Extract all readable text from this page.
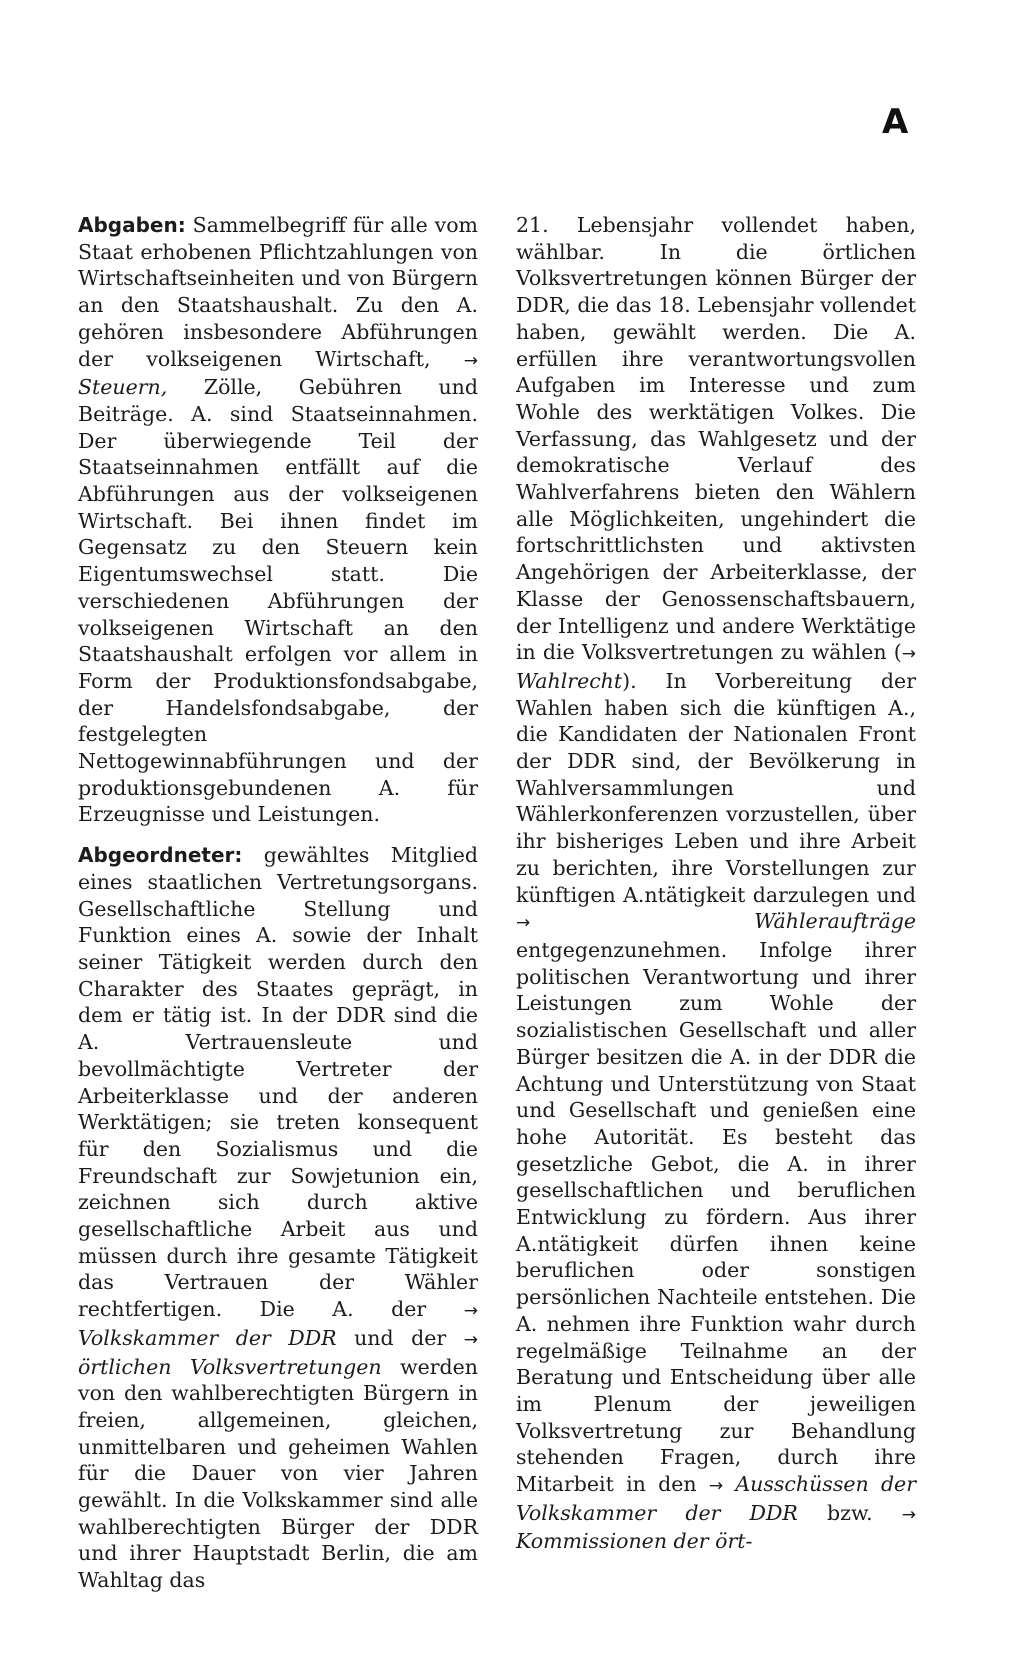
A

Abgaben: Sammelbegriff für alle vom Staat erhobenen Pflichtzahlungen von Wirtschaftseinheiten und von Bürgern an den Staatshaushalt. Zu den A. gehören insbesondere Abführungen der volkseigenen Wirtschaft, → Steuern, Zölle, Gebühren und Beiträge. A. sind Staatseinnahmen. Der überwiegende Teil der Staatseinnahmen entfällt auf die Abführungen aus der volkseigenen Wirtschaft. Bei ihnen findet im Gegensatz zu den Steuern kein Eigentumswechsel statt. Die verschiedenen Abführungen der volkseigenen Wirtschaft an den Staatshaushalt erfolgen vor allem in Form der Produktionsfondsabgabe, der Handelsfondsabgabe, der festgelegten Nettogewinnabführungen und der produktionsgebundenen A. für Erzeugnisse und Leistungen.

Abgeordneter: gewähltes Mitglied eines staatlichen Vertretungsorgans. Gesellschaftliche Stellung und Funktion eines A. sowie der Inhalt seiner Tätigkeit werden durch den Charakter des Staates geprägt, in dem er tätig ist. In der DDR sind die A. Vertrauensleute und bevollmächtigte Vertreter der Arbeiterklasse und der anderen Werktätigen; sie treten konsequent für den Sozialismus und die Freundschaft zur Sowjetunion ein, zeichnen sich durch aktive gesellschaftliche Arbeit aus und müssen durch ihre gesamte Tätigkeit das Vertrauen der Wähler rechtfertigen. Die A. der → Volkskammer der DDR und der → örtlichen Volksvertretungen werden von den wahlberechtigten Bürgern in freien, allgemeinen, gleichen, unmittelbaren und geheimen Wahlen für die Dauer von vier Jahren gewählt. In die Volkskammer sind alle wahlberechtigten Bürger der DDR und ihrer Hauptstadt Berlin, die am Wahltag das

21. Lebensjahr vollendet haben, wählbar. In die örtlichen Volksvertretungen können Bürger der DDR, die das 18. Lebensjahr vollendet haben, gewählt werden. Die A. erfüllen ihre verantwortungsvollen Aufgaben im Interesse und zum Wohle des werktätigen Volkes. Die Verfassung, das Wahlgesetz und der demokratische Verlauf des Wahlverfahrens bieten den Wählern alle Möglichkeiten, ungehindert die fortschrittlichsten und aktivsten Angehörigen der Arbeiterklasse, der Klasse der Genossenschaftsbauern, der Intelligenz und andere Werktätige in die Volksvertretungen zu wählen (→ Wahlrecht). In Vorbereitung der Wahlen haben sich die künftigen A., die Kandidaten der Nationalen Front der DDR sind, der Bevölkerung in Wahlversammlungen und Wählerkonferenzen vorzustellen, über ihr bisheriges Leben und ihre Arbeit zu berichten, ihre Vorstellungen zur künftigen A.ntätigkeit darzulegen und →	Wähleraufträge entgegenzunehmen. Infolge ihrer politischen Verantwortung und ihrer Leistungen zum Wohle der sozialistischen Gesellschaft und aller Bürger besitzen die A. in der DDR die Achtung und Unterstützung von Staat und Gesellschaft und genießen eine hohe Autorität. Es besteht das gesetzliche Gebot, die A. in ihrer gesellschaftlichen und beruflichen Entwicklung zu fördern. Aus ihrer A.ntätigkeit dürfen ihnen keine beruflichen oder sonstigen persönlichen Nachteile entstehen. Die A. nehmen ihre Funktion wahr durch regelmäßige Teilnahme an der Beratung und Entscheidung über alle im Plenum der jeweiligen Volksvertretung zur Behandlung stehenden Fragen, durch ihre Mitarbeit in den → Ausschüssen der Volkskammer der DDR bzw. → Kommissionen der ört-
